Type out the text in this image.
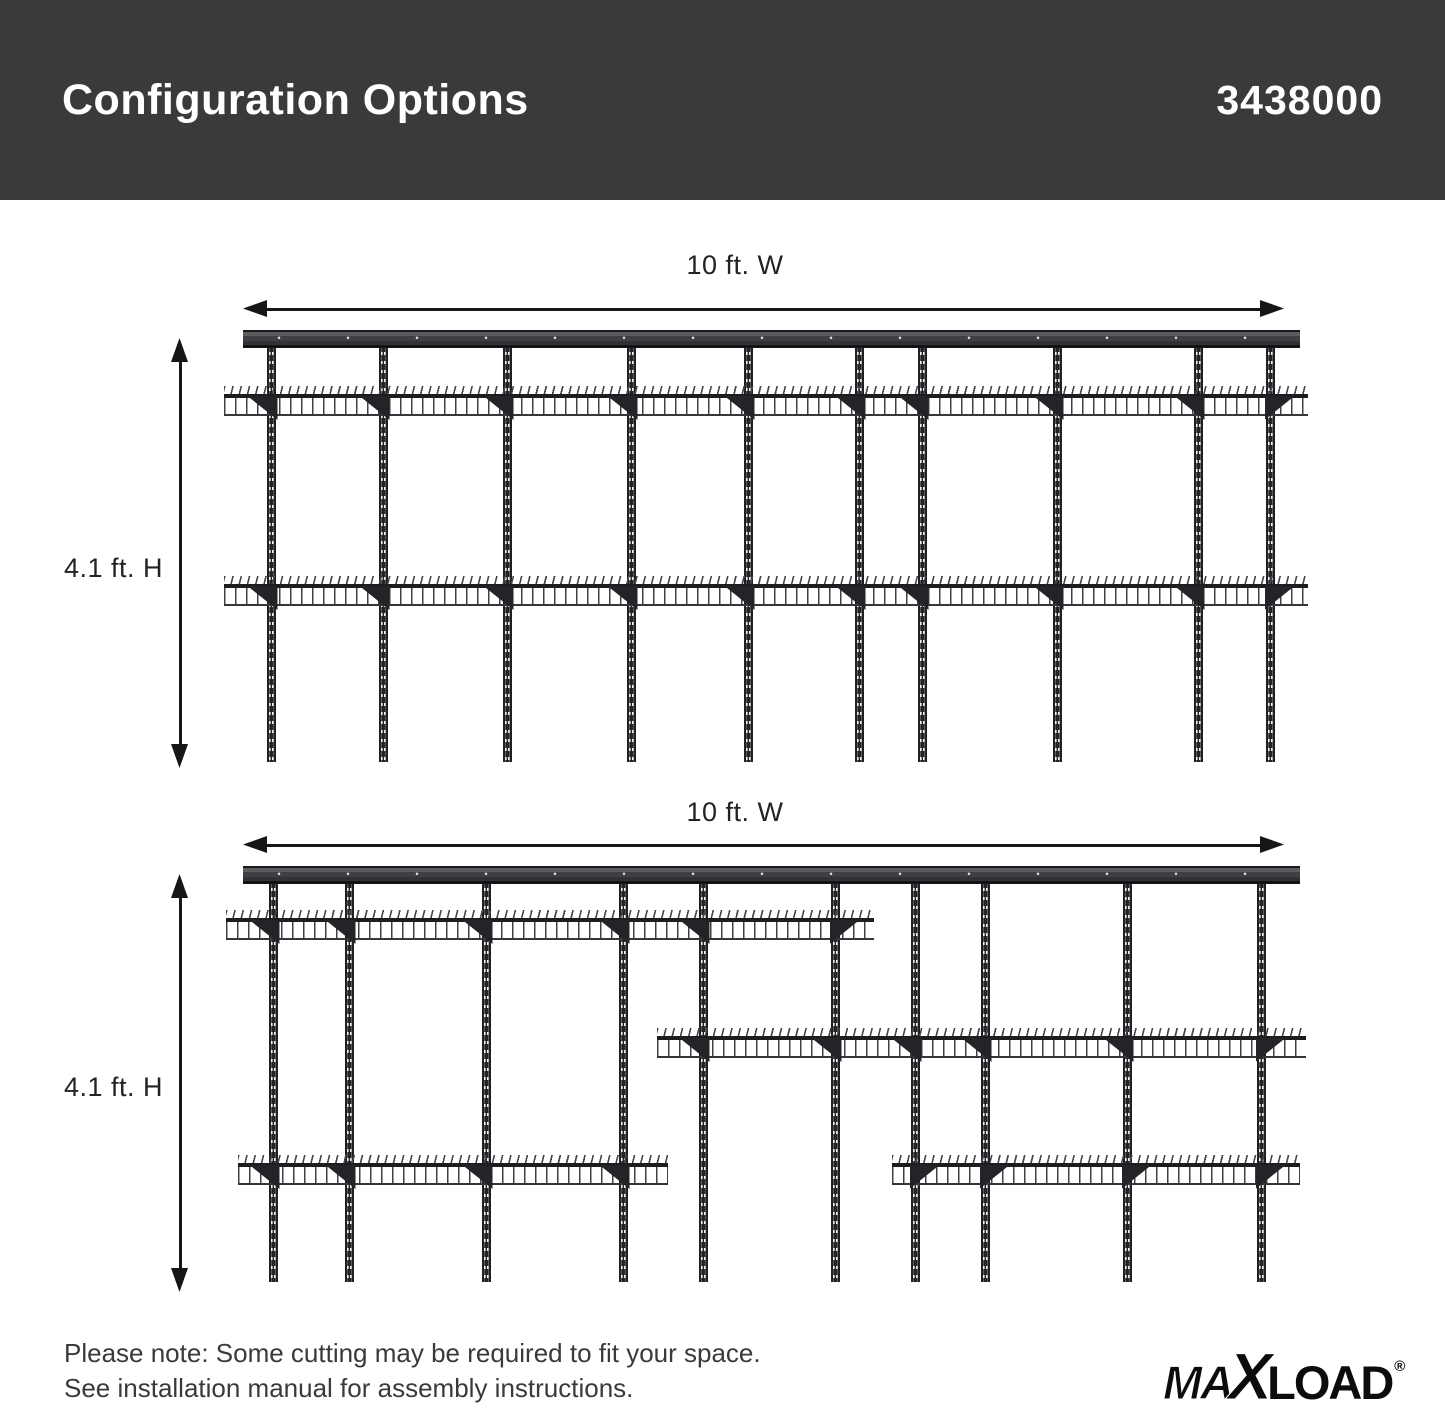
Configuration Options	3438000
10 ft. W
4.1 ft. H
10 ft. W
4.1 ft. H
Please note: Some cutting may be required to fit your space.
See installation manual for assembly instructions.	MA
X
LOAD ®
